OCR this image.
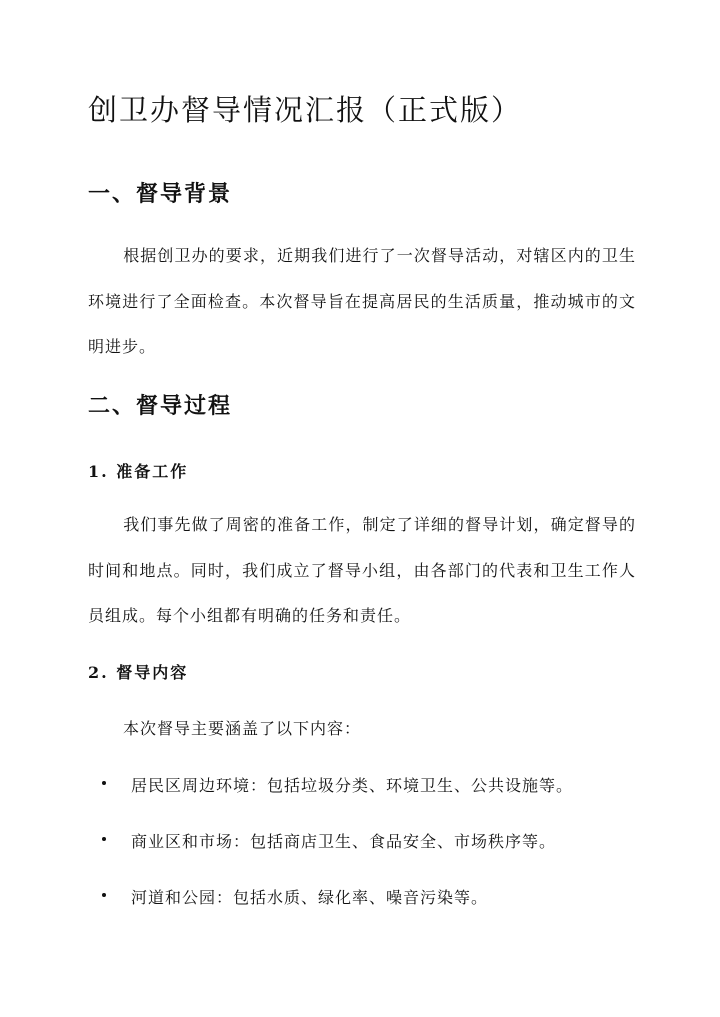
创卫办督导情况汇报（正式版）
一、督导背景

根据创卫办的要求，近期我们进行了一次督导活动，对辖区内的卫生环境进行了全面检查。本次督导旨在提高居民的生活质量，推动城市的文明进步。

二、督导过程
1. 准备工作

我们事先做了周密的准备工作，制定了详细的督导计划，确定督导的时间和地点。同时，我们成立了督导小组，由各部门的代表和卫生工作人员组成。每个小组都有明确的任务和责任。

2. 督导内容
本次督导主要涵盖了以下内容：
居民区周边环境：包括垃圾分类、环境卫生、公共设施等。
商业区和市场：包括商店卫生、食品安全、市场秩序等。
河道和公园：包括水质、绿化率、噪音污染等。
